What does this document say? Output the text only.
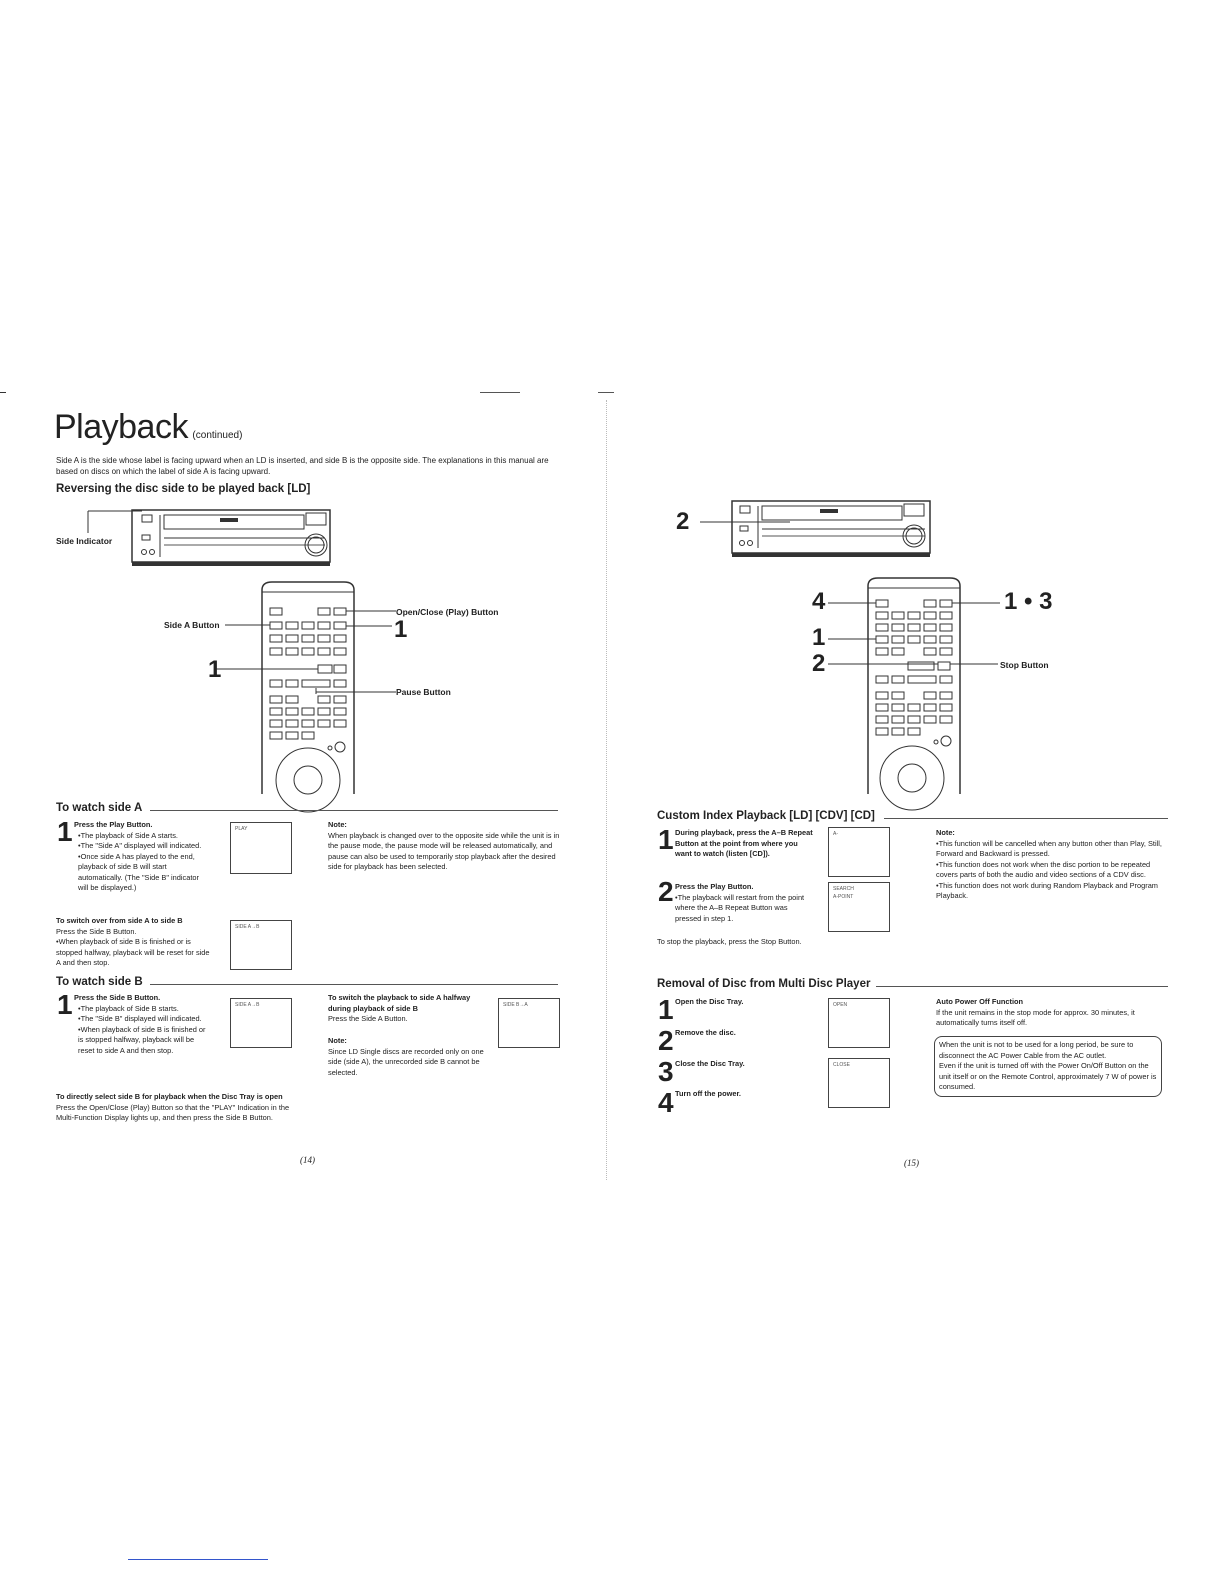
Playback (continued)
Side A is the side whose label is facing upward when an LD is inserted, and side B is the opposite side. The explanations in this manual are based on discs on which the label of side A is facing upward.
Reversing the disc side to be played back [LD]
Side Indicator
Side A Button
Open/Close (Play) Button
Pause Button
1
1
To watch side A
1 Press the Play Button.
•The playback of Side A starts.
•The "Side A" displayed will indicated.
•Once side A has played to the end, playback of side B will start automatically. (The "Side B" indicator will be displayed.)
PLAY	Note:
When playback is changed over to the opposite side while the unit is in the pause mode, the pause mode will be released automatically, and pause can also be used to temporarily stop playback after the desired side for playback has been selected.
To switch over from side A to side B
Press the Side B Button.
•When playback of side B is finished or is stopped halfway, playback will be reset for side A and then stop.
SIDE A→B
To watch side B
1 Press the Side B Button.
•The playback of Side B starts.
•The "Side B" displayed will indicated.
•When playback of side B is finished or is stopped halfway, playback will be reset to side A and then stop.
SIDE A→B
To switch the playback to side A halfway during playback of side B
Press the Side A Button.
SIDE B→A
Note:
Since LD Single discs are recorded only on one side (side A), the unrecorded side B cannot be selected.
To directly select side B for playback when the Disc Tray is open
Press the Open/Close (Play) Button so that the "PLAY" Indication in the Multi-Function Display lights up, and then press the Side B Button.
(14)
2
4
1
2
1 • 3
Stop Button
Custom Index Playback [LD] [CDV] [CD]
1 During playback, press the A–B Repeat Button at the point from where you want to watch (listen [CD]).
A-
2 Press the Play Button.
•The playback will restart from the point where the A–B Repeat Button was pressed in step 1.
SEARCH
A-POINT
To stop the playback, press the Stop Button.
Note:
•This function will be cancelled when any button other than Play, Still, Forward and Backward is pressed.
•This function does not work when the disc portion to be repeated covers parts of both the audio and video sections of a CDV disc.
•This function does not work during Random Playback and Program Playback.
Removal of Disc from Multi Disc Player
1 Open the Disc Tray.
2 Remove the disc.
3 Close the Disc Tray.
4 Turn off the power.
OPEN
CLOSE
Auto Power Off Function
If the unit remains in the stop mode for approx. 30 minutes, it automatically turns itself off.
When the unit is not to be used for a long period, be sure to disconnect the AC Power Cable from the AC outlet.
Even if the unit is turned off with the Power On/Off Button on the unit itself or on the Remote Control, approximately 7 W of power is consumed.
(15)
